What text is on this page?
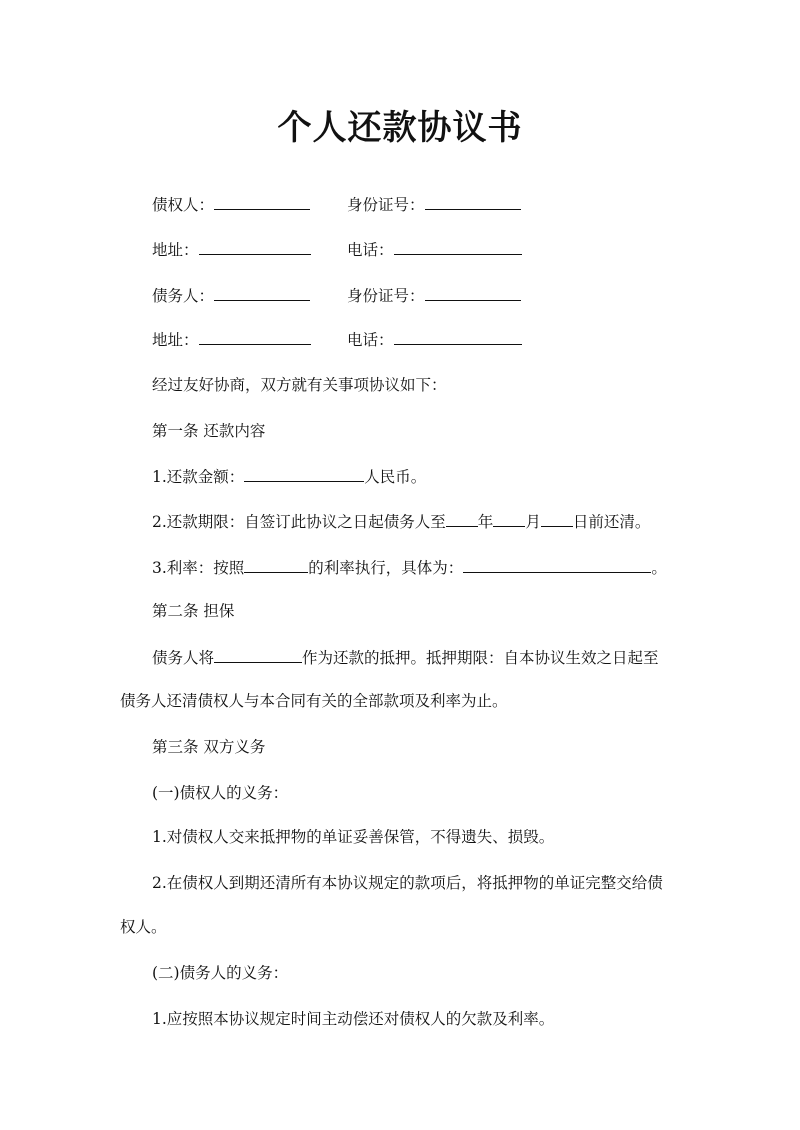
个人还款协议书
债权人：	身份证号：
地址：	电话：
债务人：	身份证号：
地址：	电话：
经过友好协商，双方就有关事项协议如下：
第一条 还款内容
1.还款金额：	人民币。
2.还款期限：自签订此协议之日起债务人至 年 月 日前还清。
3.利率：按照	的利率执行，具体为：	。
第二条 担保
债务人将	作为还款的抵押。抵押期限：自本协议生效之日起至
债务人还清债权人与本合同有关的全部款项及利率为止。
第三条 双方义务
(一)债权人的义务：
1.对债权人交来抵押物的单证妥善保管，不得遗失、损毁。
2.在债权人到期还清所有本协议规定的款项后，将抵押物的单证完整交给债
权人。
(二)债务人的义务：
1.应按照本协议规定时间主动偿还对债权人的欠款及利率。
